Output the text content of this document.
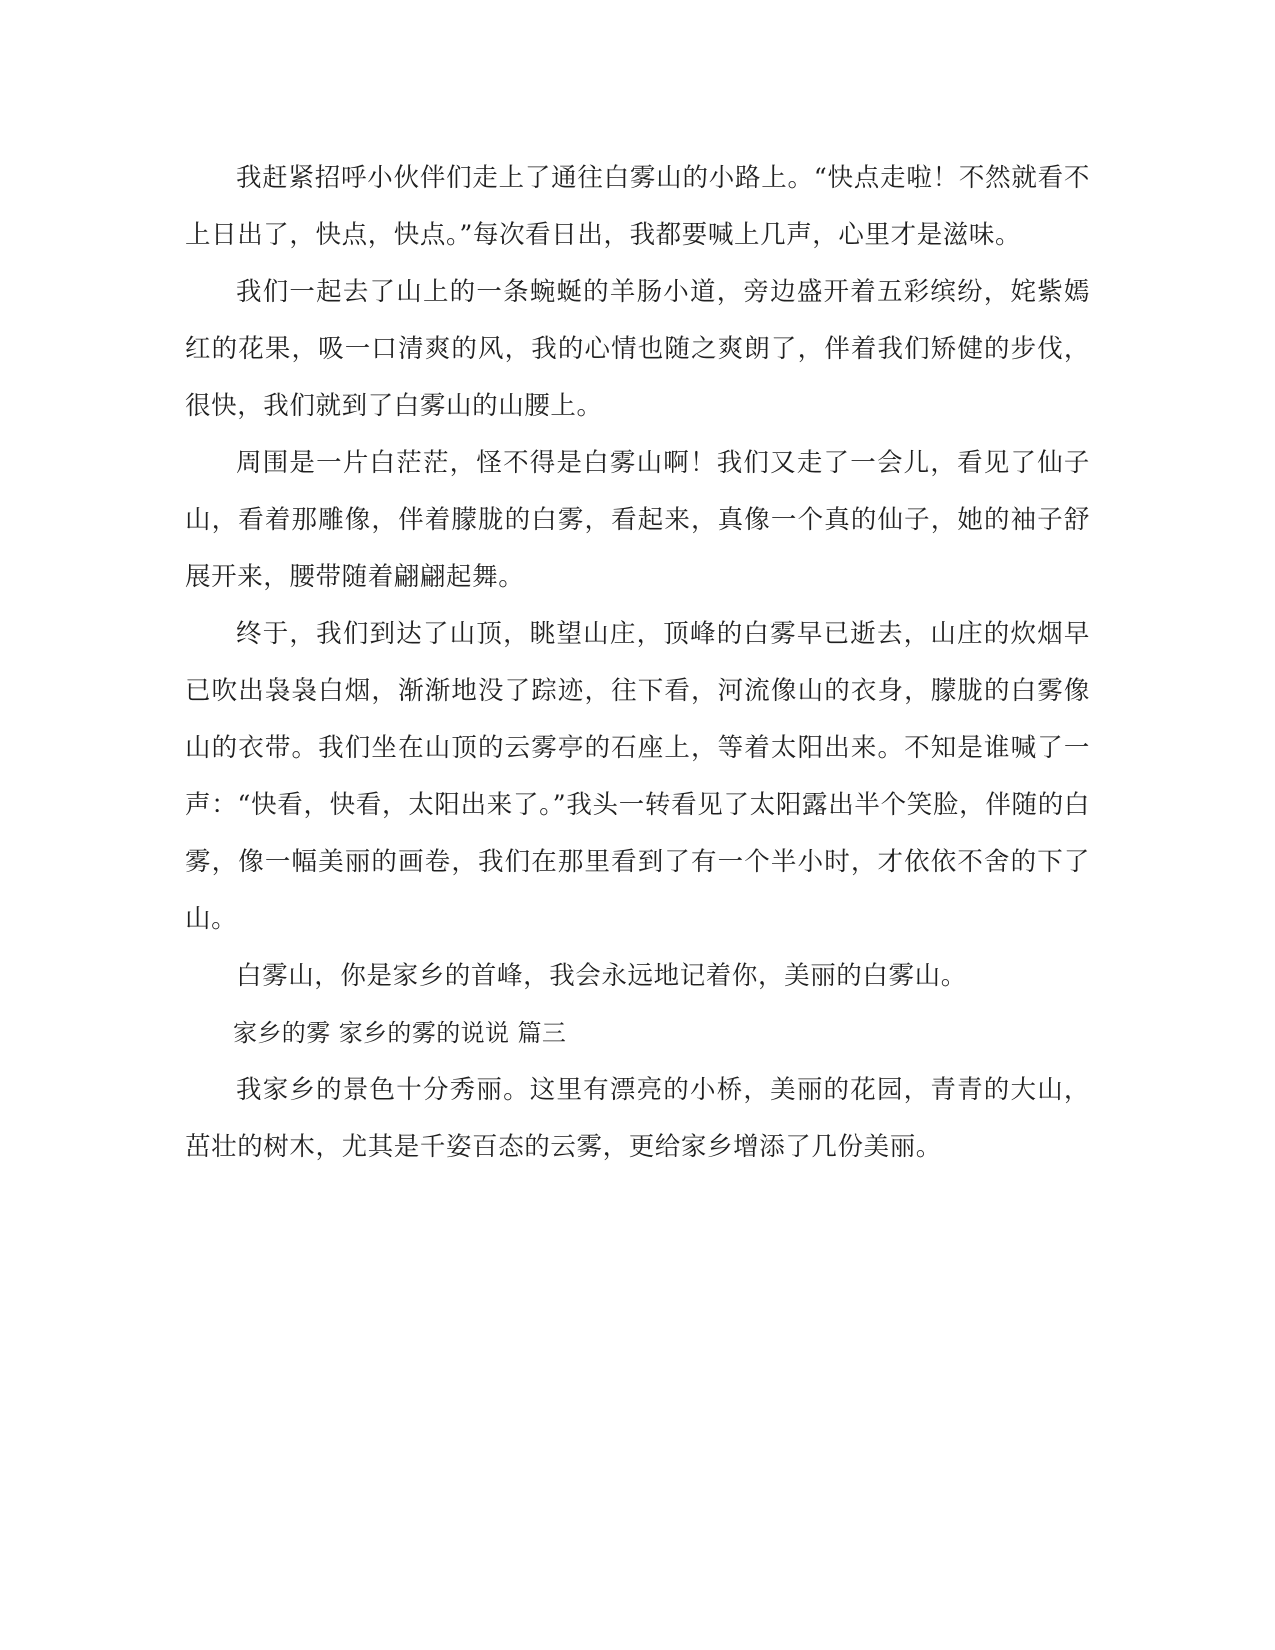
我赶紧招呼小伙伴们走上了通往白雾山的小路上。“快点走啦！不然就看不上日出了，快点，快点。”每次看日出，我都要喊上几声，心里才是滋味。

我们一起去了山上的一条蜿蜒的羊肠小道，旁边盛开着五彩缤纷，姹紫嫣红的花果，吸一口清爽的风，我的心情也随之爽朗了，伴着我们矫健的步伐，很快，我们就到了白雾山的山腰上。

周围是一片白茫茫，怪不得是白雾山啊！我们又走了一会儿，看见了仙子山，看着那雕像，伴着朦胧的白雾，看起来，真像一个真的仙子，她的袖子舒展开来，腰带随着翩翩起舞。

终于，我们到达了山顶，眺望山庄，顶峰的白雾早已逝去，山庄的炊烟早已吹出袅袅白烟，渐渐地没了踪迹，往下看，河流像山的衣身，朦胧的白雾像山的衣带。我们坐在山顶的云雾亭的石座上，等着太阳出来。不知是谁喊了一声：“快看，快看，太阳出来了。”我头一转看见了太阳露出半个笑脸，伴随的白雾，像一幅美丽的画卷，我们在那里看到了有一个半小时，才依依不舍的下了山。

白雾山，你是家乡的首峰，我会永远地记着你，美丽的白雾山。

家乡的雾 家乡的雾的说说 篇三

我家乡的景色十分秀丽。这里有漂亮的小桥，美丽的花园，青青的大山，茁壮的树木，尤其是千姿百态的云雾，更给家乡增添了几份美丽。
